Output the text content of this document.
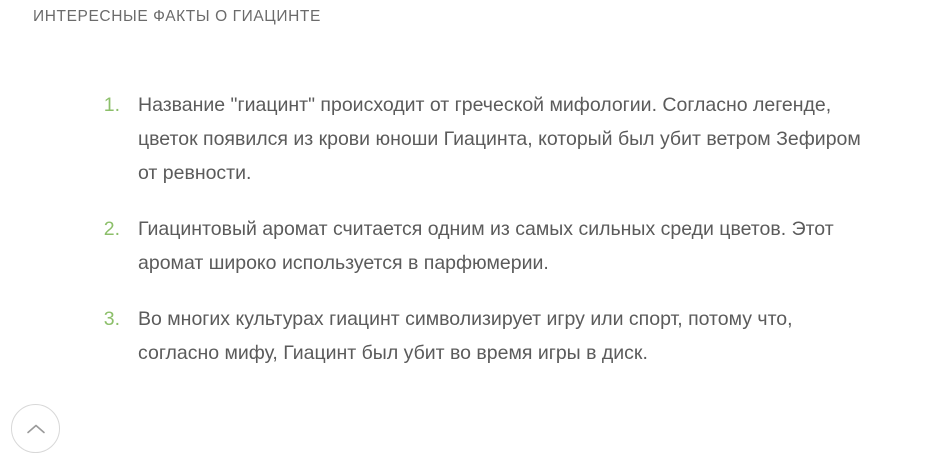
ИНТЕРЕСНЫЕ ФАКТЫ О ГИАЦИНТЕ
1. Название "гиацинт" происходит от греческой мифологии. Согласно легенде, цветок появился из крови юноши Гиацинта, который был убит ветром Зефиром от ревности.
2. Гиацинтовый аромат считается одним из самых сильных среди цветов. Этот аромат широко используется в парфюмерии.
3. Во многих культурах гиацинт символизирует игру или спорт, потому что, согласно мифу, Гиацинт был убит во время игры в диск.
